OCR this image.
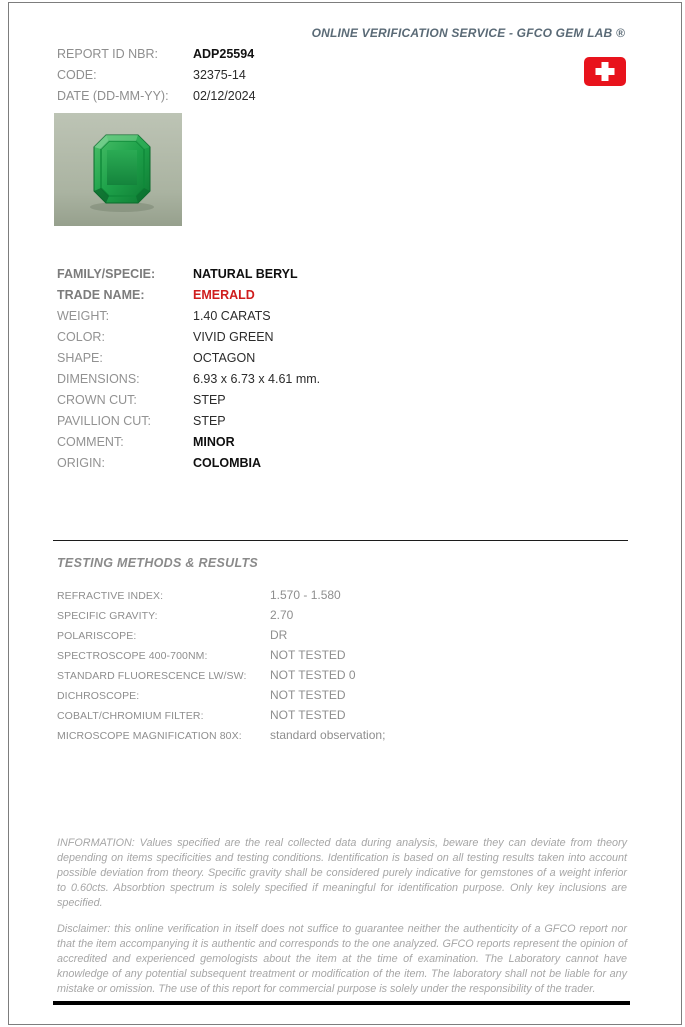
ONLINE VERIFICATION SERVICE - GFCO GEM LAB ®
REPORT ID NBR:	ADP25594
CODE:	32375-14
DATE (DD-MM-YY):	02/12/2024
FAMILY/SPECIE:	NATURAL BERYL
TRADE NAME:	EMERALD
WEIGHT:	1.40 CARATS
COLOR:	VIVID GREEN
SHAPE:	OCTAGON
DIMENSIONS:	6.93 x 6.73 x 4.61 mm.
CROWN CUT:	STEP
PAVILLION CUT:	STEP
COMMENT:	MINOR
ORIGIN:	COLOMBIA
TESTING METHODS & RESULTS
REFRACTIVE INDEX:	1.570 - 1.580
SPECIFIC GRAVITY:	2.70
POLARISCOPE:	DR
SPECTROSCOPE 400-700NM:	NOT TESTED
STANDARD FLUORESCENCE LW/SW:	NOT TESTED 0
DICHROSCOPE:	NOT TESTED
COBALT/CHROMIUM FILTER:	NOT TESTED
MICROSCOPE MAGNIFICATION 80X:	standard observation;

INFORMATION: Values specified are the real collected data during analysis, beware they can deviate from theory depending on items specificities and testing conditions. Identification is based on all testing results taken into account possible deviation from theory. Specific gravity shall be considered purely indicative for gemstones of a weight inferior to 0.60cts. Absorbtion spectrum is solely specified if meaningful for identification purpose. Only key inclusions are specified.

Disclaimer: this online verification in itself does not suffice to guarantee neither the authenticity of a GFCO report nor that the item accompanying it is authentic and corresponds to the one analyzed. GFCO reports represent the opinion of accredited and experienced gemologists about the item at the time of examination. The Laboratory cannot have knowledge of any potential subsequent treatment or modification of the item. The laboratory shall not be liable for any mistake or omission. The use of this report for commercial purpose is solely under the responsibility of the trader.
